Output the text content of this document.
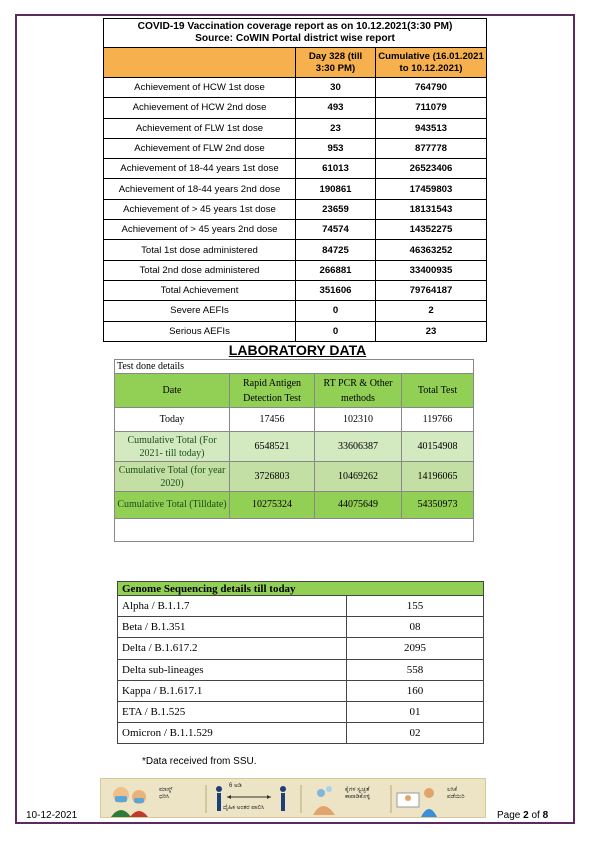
COVID-19 Vaccination coverage report as on 10.12.2021(3:30 PM)
Source: CoWIN Portal district wise report		
	Day 328 (till 3:30 PM)	Cumulative (16.01.2021 to 10.12.2021)
Achievement of HCW 1st dose	30	764790
Achievement of HCW 2nd dose	493	711079
Achievement of FLW 1st dose	23	943513
Achievement of FLW 2nd dose	953	877778
Achievement of 18-44 years 1st dose	61013	26523406
Achievement of 18-44 years 2nd dose	190861	17459803
Achievement of > 45 years 1st dose	23659	18131543
Achievement of > 45 years 2nd dose	74574	14352275
Total 1st dose administered	84725	46363252
Total 2nd dose administered	266881	33400935
Total Achievement	351606	79764187
Severe AEFIs	0	2
Serious AEFIs	0	23
LABORATORY DATA
Test done details			
Date	Rapid Antigen Detection Test	RT PCR & Other methods	Total Test
Today	17456	102310	119766
Cumulative Total (For 2021- till today)	6548521	33606387	40154908
Cumulative Total (for year 2020)	3726803	10469262	14196065
Cumulative Total (Tilldate)	10275324	44075649	54350973

Genome Sequencing details till today	
Alpha / B.1.1.7	155
Beta / B.1.351	08
Delta / B.1.617.2	2095
Delta sub-lineages	558
Kappa / B.1.617.1	160
ETA / B.1.525	01
Omicron / B.1.1.529	02
*Data received from SSU.
ಮಾಸ್ಕ್
ಧರಿಸಿ
6 ಅಡಿ
ದೈಹಿಕ ಅಂತರ ಪಾಲಿಸಿ
ಕೈಗಳ ಸ್ವಚ್ಛತೆ
ಕಾಪಾಡಿಕೊಳ್ಳಿ
ಲಸಿಕೆ
ಪಡೆಯಿರಿ
10-12-2021	Page 2 of 8
